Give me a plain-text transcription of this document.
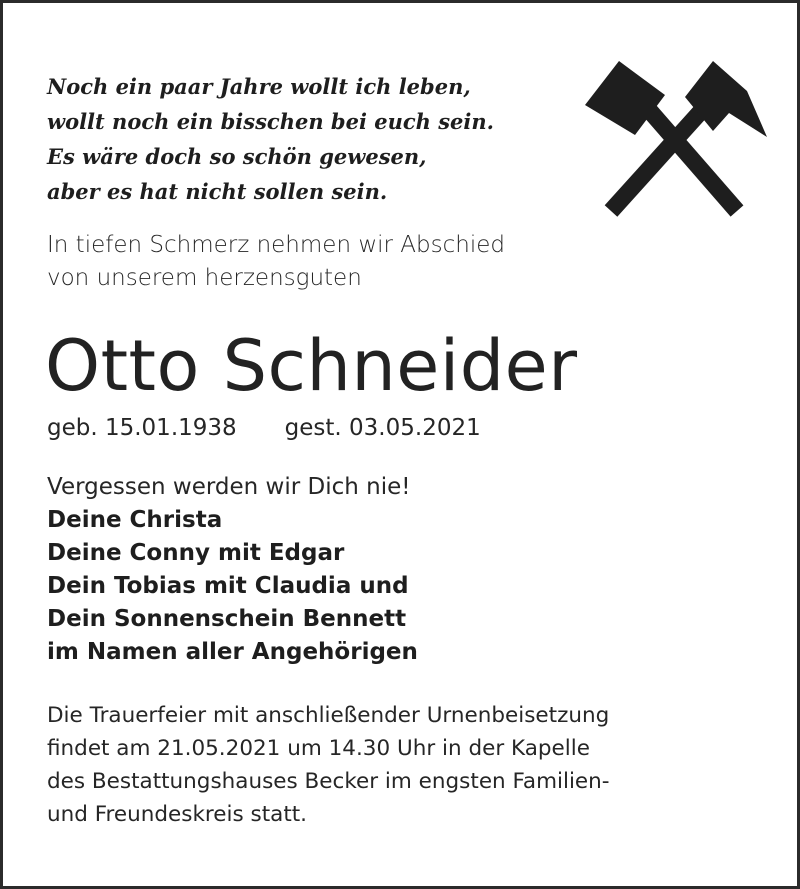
Noch ein paar Jahre wollt ich leben,
wollt noch ein bisschen bei euch sein.
Es wäre doch so schön gewesen,
aber es hat nicht sollen sein.
In tiefen Schmerz nehmen wir Abschied
von unserem herzensguten
Otto Schneider
geb. 15.01.1938 gest. 03.05.2021
Vergessen werden wir Dich nie!
Deine Christa
Deine Conny mit Edgar
Dein Tobias mit Claudia und
Dein Sonnenschein Bennett
im Namen aller Angehörigen
Die Trauerfeier mit anschließender Urnenbeisetzung
findet am 21.05.2021 um 14.30 Uhr in der Kapelle
des Bestattungshauses Becker im engsten Familien-
und Freundeskreis statt.
